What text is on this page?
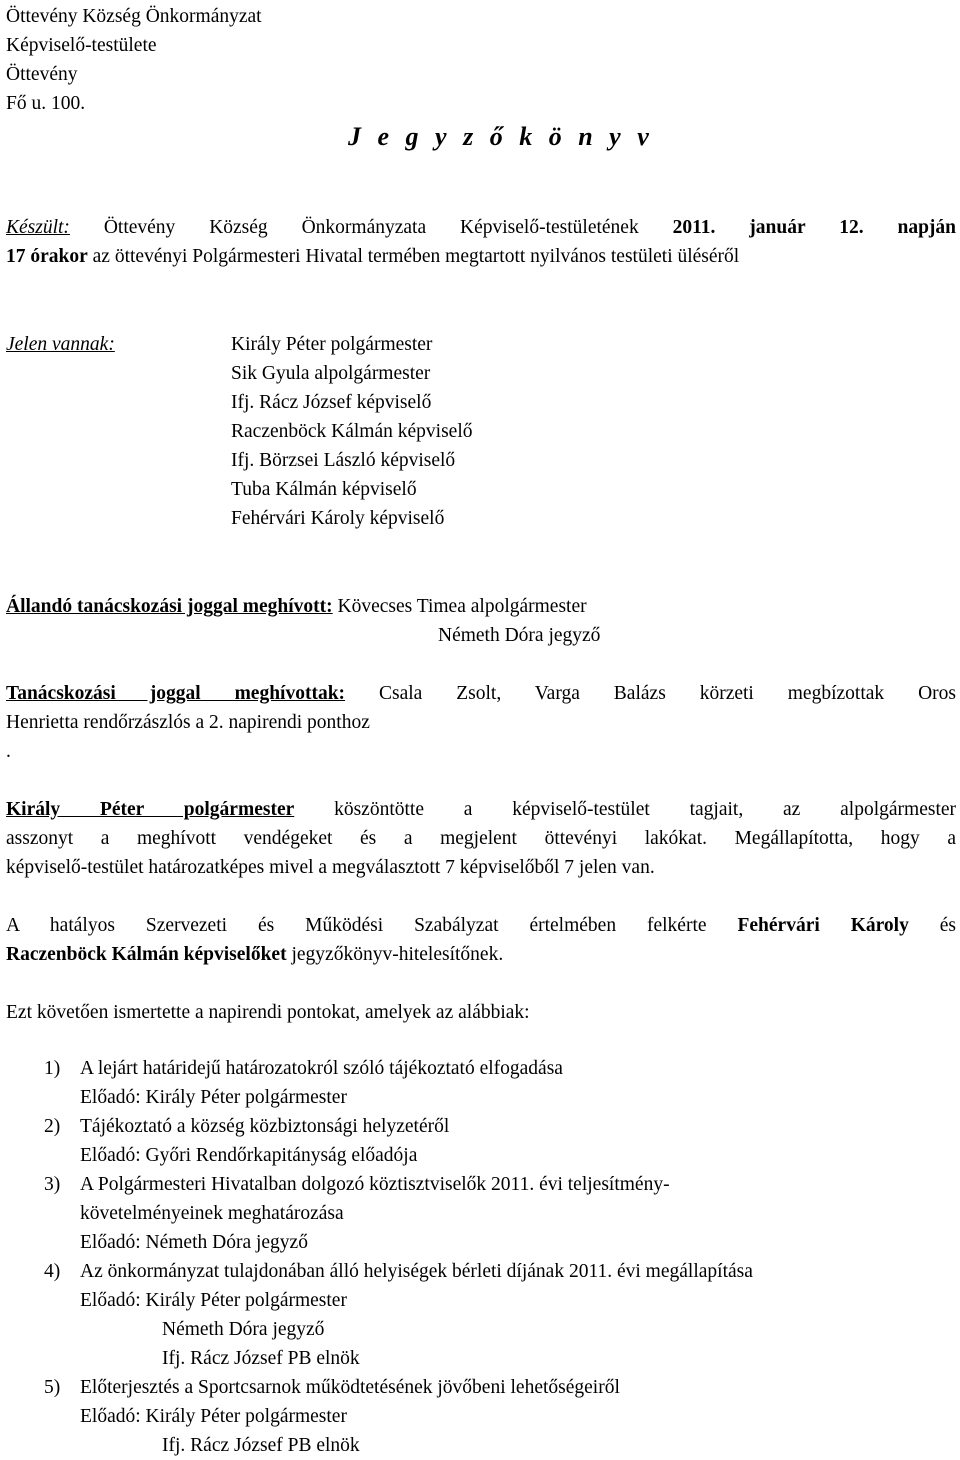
Öttevény Község Önkormányzat
Képviselő-testülete
Öttevény
Fő u. 100.
J e g y z ő k ö n y v
Készült: Öttevény Község Önkormányzata Képviselő-testületének 2011. január 12. napján
17 órakor az öttevényi Polgármesteri Hivatal termében megtartott nyilvános testületi üléséről
Jelen vannak:	Király Péter polgármester
Sik Gyula alpolgármester
Ifj. Rácz József képviselő
Raczenböck Kálmán képviselő
Ifj. Börzsei László képviselő
Tuba Kálmán képviselő
Fehérvári Károly képviselő
Állandó tanácskozási joggal meghívott: Kövecses Timea alpolgármester
Németh Dóra jegyző
Tanácskozási joggal meghívottak: Csala Zsolt, Varga Balázs körzeti megbízottak Oros
Henrietta rendőrzászlós a 2. napirendi ponthoz
.
Király Péter polgármester köszöntötte a képviselő-testület tagjait, az alpolgármester
asszonyt a meghívott vendégeket és a megjelent öttevényi lakókat. Megállapította, hogy a
képviselő-testület határozatképes mivel a megválasztott 7 képviselőből 7 jelen van.
A hatályos Szervezeti és Működési Szabályzat értelmében felkérte Fehérvári Károly és
Raczenböck Kálmán képviselőket jegyzőkönyv-hitelesítőnek.
Ezt követően ismertette a napirendi pontokat, amelyek az alábbiak:
1) A lejárt határidejű határozatokról szóló tájékoztató elfogadása
Előadó: Király Péter polgármester
2) Tájékoztató a község közbiztonsági helyzetéről
Előadó: Győri Rendőrkapitányság előadója
3) A Polgármesteri Hivatalban dolgozó köztisztviselők 2011. évi teljesítmény-
követelményeinek meghatározása
Előadó: Németh Dóra jegyző
4) Az önkormányzat tulajdonában álló helyiségek bérleti díjának 2011. évi megállapítása
Előadó: Király Péter polgármester
Németh Dóra jegyző
Ifj. Rácz József PB elnök
5) Előterjesztés a Sportcsarnok működtetésének jövőbeni lehetőségeiről
Előadó: Király Péter polgármester
Ifj. Rácz József PB elnök
